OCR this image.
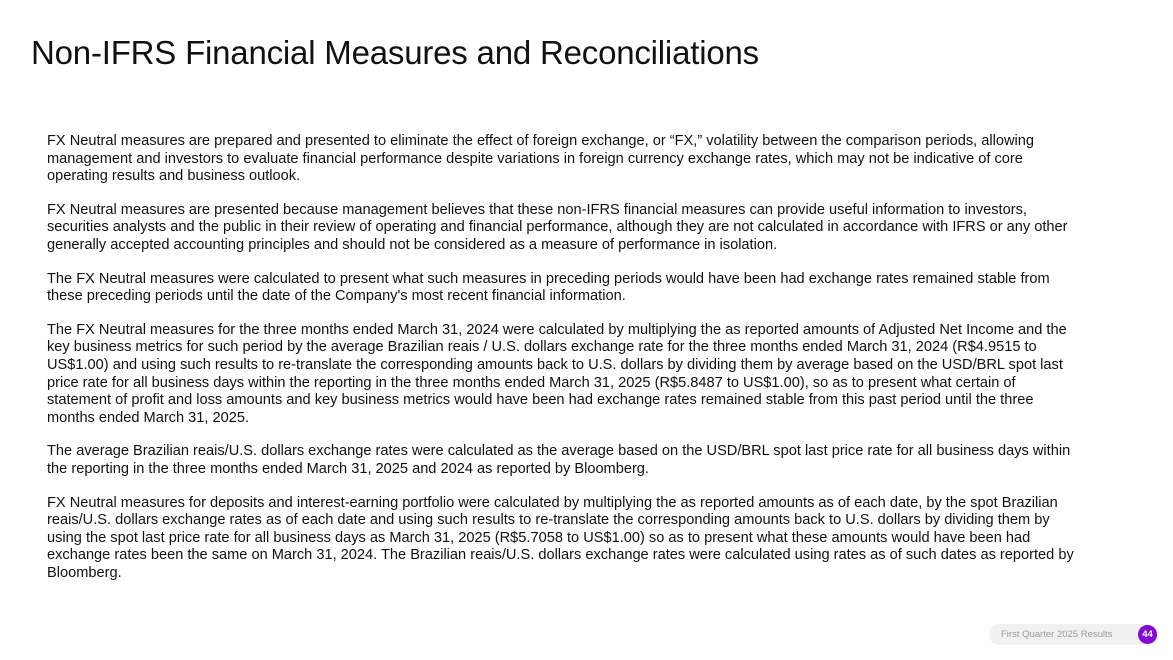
Non-IFRS Financial Measures and Reconciliations

FX Neutral measures are prepared and presented to eliminate the effect of foreign exchange, or “FX,” volatility between the comparison periods, allowing management and investors to evaluate financial performance despite variations in foreign currency exchange rates, which may not be indicative of core operating results and business outlook.

FX Neutral measures are presented because management believes that these non-IFRS financial measures can provide useful information to investors, securities analysts and the public in their review of operating and financial performance, although they are not calculated in accordance with IFRS or any other generally accepted accounting principles and should not be considered as a measure of performance in isolation.

The FX Neutral measures were calculated to present what such measures in preceding periods would have been had exchange rates remained stable from these preceding periods until the date of the Company's most recent financial information.

The FX Neutral measures for the three months ended March 31, 2024 were calculated by multiplying the as reported amounts of Adjusted Net Income and the key business metrics for such period by the average Brazilian reais / U.S. dollars exchange rate for the three months ended March 31, 2024 (R$4.9515 to US$1.00) and using such results to re-translate the corresponding amounts back to U.S. dollars by dividing them by average based on the USD/BRL spot last price rate for all business days within the reporting in the three months ended March 31, 2025 (R$5.8487 to US$1.00), so as to present what certain of statement of profit and loss amounts and key business metrics would have been had exchange rates remained stable from this past period until the three months ended March 31, 2025.

The average Brazilian reais/U.S. dollars exchange rates were calculated as the average based on the USD/BRL spot last price rate for all business days within the reporting in the three months ended March 31, 2025 and 2024 as reported by Bloomberg.

FX Neutral measures for deposits and interest-earning portfolio were calculated by multiplying the as reported amounts as of each date, by the spot Brazilian reais/U.S. dollars exchange rates as of each date and using such results to re-translate the corresponding amounts back to U.S. dollars by dividing them by using the spot last price rate for all business days as March 31, 2025 (R$5.7058 to US$1.00) so as to present what these amounts would have been had exchange rates been the same on March 31, 2024. The Brazilian reais/U.S. dollars exchange rates were calculated using rates as of such dates as reported by Bloomberg.

First Quarter 2025 Results	44
